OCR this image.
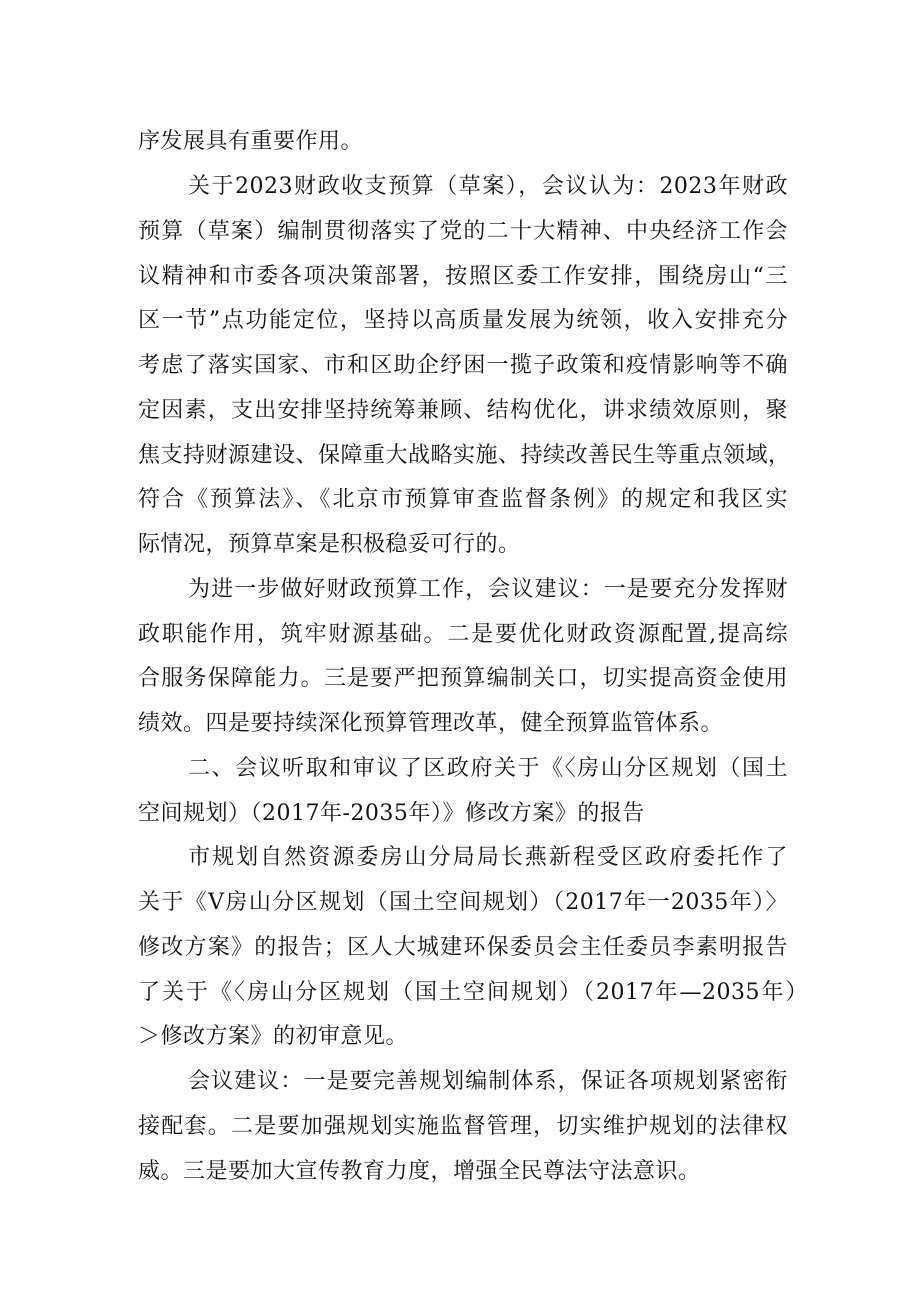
序发展具有重要作用。
关于2023财政收支预算（草案），会议认为：2023年财政
预算（草案）编制贯彻落实了党的二十大精神、中央经济工作会
议精神和市委各项决策部署，按照区委工作安排，围绕房山“三
区一节”点功能定位，坚持以高质量发展为统领，收入安排充分
考虑了落实国家、市和区助企纾困一揽子政策和疫情影响等不确
定因素，支出安排坚持统筹兼顾、结构优化，讲求绩效原则，聚
焦支持财源建设、保障重大战略实施、持续改善民生等重点领域，
符合《预算法》、《北京市预算审查监督条例》的规定和我区实
际情况，预算草案是积极稳妥可行的。
为进一步做好财政预算工作，会议建议：一是要充分发挥财
政职能作用，筑牢财源基础。二是要优化财政资源配置,提高综
合服务保障能力。三是要严把预算编制关口，切实提高资金使用
绩效。四是要持续深化预算管理改革，健全预算监管体系。
二、会议听取和审议了区政府关于《〈房山分区规划（国土
空间规划）（2017年-2035年）》修改方案》的报告
市规划自然资源委房山分局局长燕新程受区政府委托作了
关于《V房山分区规划（国土空间规划）（2017年一2035年）〉
修改方案》的报告；区人大城建环保委员会主任委员李素明报告
了关于《〈房山分区规划（国土空间规划）（2017年—2035年）
＞修改方案》的初审意见。
会议建议：一是要完善规划编制体系，保证各项规划紧密衔
接配套。二是要加强规划实施监督管理，切实维护规划的法律权
威。三是要加大宣传教育力度，增强全民尊法守法意识。
